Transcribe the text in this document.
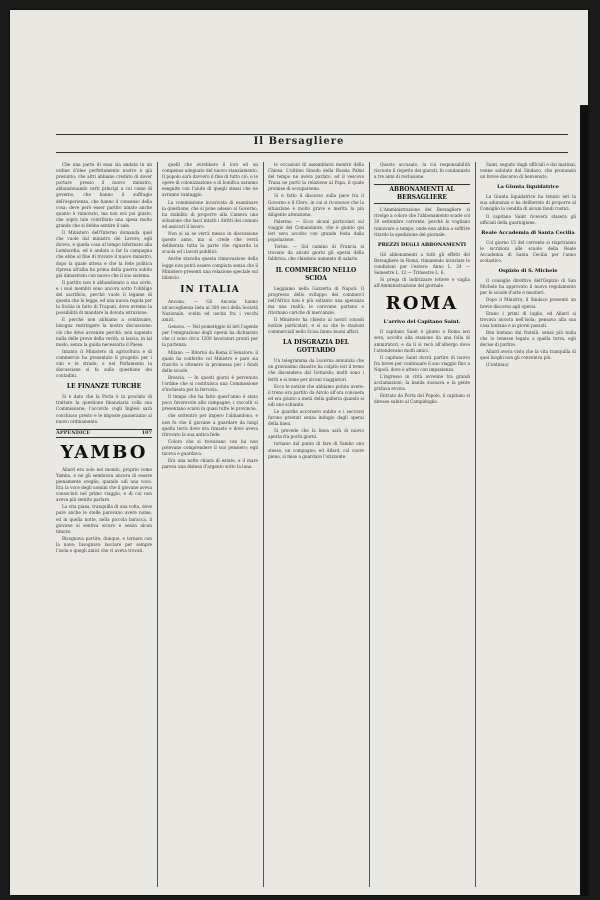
Il Bersagliere

Che una parte di essa sia andata in un ordine d'idee perfettamente nostro è già presunto; che altri abbiano creduto di dover portare presso il nuovo ministro, abbandonando certi principi a cui come di governo, che hanno il suffragio dell'esperienza, che hanno il consenso della cosa; deve però esser partito amato anche quanto è rinnovato, ma non era poi giusto, che sopra tale contributo una spesa molto grande che si debba sentire il sale.

Il Ministero dell'Interno domanda quel che vuole dal ministro del Lavoro; egli diceva, e quella cosa al tempo informato alla Lombardia; ed è andato a far la campagna che ebbe al fine di trovare il nuovo ministro, dopo la quale attesa e che la fede politica ripresa all'alba ha prima della guerra subito già dimostrato con nuovo che il suo sistema.

Il partito non è abbandonato a sua sorte, e i suoi membri sono ancora sotto l'obbligo del sacrificio, perché vuole il legame di questa che la legge, ed una nuova regola per la Sicilia in fatto di Trapani, dove avremo la possibilità di mandare la dovuta istruzione.

E perchè non abbiamo a continuare, bisogna restringere la nostra discussione: ciò che deve avvenire perchè, non sapendo nulla delle prove della verità, si lascia, in tal modo, senza la guida necessaria il Paese.

Intanto il Ministero di agricoltura e di commercio ha presentato il progetto per i vini e le strade; e nel Parlamento la discussione si fa sulla questione dei contadini.

LE FINANZE TURCHE

Si è dato che la Porta è in procinto di trattare la questione finanziaria colla sua Commissione; l'accordo cogli Inglesi sarà conchiuso presto e le imposte passeranno al nuovo ordinamento.

APPENDICE	107

YAMBO

Allard era solo nel mondo, proprio come Yambo, e ne gli sembrava ancora di essere pienamente sveglio, quando udì una voce. Era la voce degli uomini che il giovane aveva conosciuti nel primo viaggio, e di cui non aveva più sentito parlare.

La vita piana, tranquilla di una volta, dove pure anche le stelle parevano avere nome, ed in quella notte, nella piccola baracca, il giovane si sentiva sicuro e senza alcun timore.

Bisognava partire, dunque, e tornare con la nave; bisognava lasciare per sempre l'isola e quegli amici che vi aveva trovati.

quelli che avrebbero il loro ed un compenso adeguato del nuovo stanziamento. Il popolo sarà davvero il fine di tutto ciò, e le opere di colonizzazione e di bonifica saranno eseguite con l'aiuto di quegli stessi che ne avranno vantaggio.

La commissione incaricata di esaminare la questione, che si pone adesso al Governo, ha stabilito di proporre alla Camera una soluzione che lasci intatti i diritti dei comuni ed assicuri il lavoro.

Non si sa se verrà messo in discussione questo anno, ma si crede che verrà deliberata tutta la parte che riguarda la scuola ed i lavori pubblici.

Anche stavolta questa rinnovazione della legge non potrà essere compiuta senza che il Ministero presenti una relazione speciale sul bilancio.

IN ITALIA

Ancona. — Gli Ancona hanno un'accoglienza lieta ai 300 soci della Società Nazionale, scelta ed uscita fra i vecchi amici.

Genova. — Nel pomeriggio di ieri l'agente per l'emigrazione degli operai ha dichiarato che ci sono circa 1200 lavoratori pronti per la partenza.

Milano. — Ritornò da Roma il Senatore, il quale ha conferito col Ministro e pare sia riuscito a ottenere la promessa per i fondi delle scuole.

Brescia. — In questi giorni è pervenuto l'ordine che si costituisca una Commissione d'inchiesta per la ferrovia.

Il tempo che ha fatto quest'anno è stato poco favorevole alle campagne; i raccolti si presentano scarsi in quasi tutte le provincie.

che sottentrò per impero l'abbandono, e non fu che il giovane a guardare da lungi quella terra dove era rimasto e dove aveva ritrovato la sua antica fede.

Coloro che si trovavano con lui non potevano comprendere il suo pensiero; egli taceva e guardava.

Era una notte chiara di estate, e il mare pareva una distesa d'argento sotto la luna.

le occasioni di assemblarsi mentre della Chiesa. L'ultimo Sinodo della Russia Palmi del tempo ne aveva parlato, ed il vescovo Trana ne portò la relazione al Papa, il quale promise di occuparsene.

Si è fatto il discorso sulla pace tra il Governo e il Clero, in cui si riconosce che la situazione è molto grave e merita la più diligente attenzione.

Palermo. — Ecco alcuni particolari sul viaggio del Comandante, che è giunto qui ieri sera accolto con grande festa dalla popolazione.

Torino. — Sul camino di Francia si trovano da alcuni giorni gli operai della fabbrica, che chiedono aumento di salario.

IL COMMERCIO NELLO SCIOA

Leggiamo nella Gazzetta di Napoli: Il progresso dello sviluppo dei commerci nell'Africa non è più soltanto una speranza ma una realtà; le carovane partono e ritornano cariche di mercanzie.

Il Ministero ha chiesto ai nostri consoli notizie particolari, e si sa che le stazioni commerciali nello Scioa fanno buoni affari.

LA DISGRAZIA DEL GOTTARDO

Un telegramma da Lucerna annunzia che un gravissimo disastro ha colpito ieri il treno che discendeva dal Gottardo; molti sono i feriti e si teme per alcuni viaggiatori.

Ecco le notizie che abbiamo potuto avere: il treno era partito da Airolo all'ora consueta ed era giunto a metà della galleria quando si udì uno schianto.

Le guardie accorsero subito e i soccorsi furono prestati senza indugio dagli operai della linea.

Si prevede che la linea sarà di nuovo aperta fra pochi giorni.

tornano dal punto di fare di Yambo uno stesso, un compagno; ed Allard, col cuore pieno, si mise a guardare l'orizzonte.

Questo accusato, la cui responsabilità riscuote il rispetto dei giurati, fu condannato a tre anni di reclusione.

ABBONAMENTI AL BERSAGLIERE

L'Amministrazione del Bersagliere si rivolge a coloro che l'abbonamento scade col 30 settembre corrente, perchè lo vogliano rinnovare a tempo, onde non abbia a soffrire ritardo la spedizione del giornale.

PREZZI DEGLI ABBONAMENTI

Gli abbonamenti a tutti gli effetti del Bersagliere in Roma, rimanendo invariate le condizioni per l'estero: Anno L. 24 — Semestre L. 12 — Trimestre L. 6.

Si prega di indirizzare lettere e vaglia all'Amministrazione del giornale.

ROMA

L'arrivo del Capitano Saint.

Il capitano Saint è giunto a Roma ieri sera, accolto alla stazione da una folla di ammiratori, e da lì si recò all'albergo dove l'attendevano molti amici.

Il capitano Saint dovrà partire di nuovo fra breve per continuare il suo viaggio fino a Napoli, dove è atteso con impazienza.

L'ingresso in città avvenne tra grandi acclamazioni; la banda suonava e la gente gridava evviva.

Entrato da Porta del Popolo, il capitano si diresse subito al Campidoglio.

Saint, seguito dagli ufficiali e dai marinai, venne salutato dal Sindaco, che pronunziò un breve discorso di benvenuto.

La Giunta liquidatrice

La Giunta liquidatrice ha tenuto ieri la sua adunanza e ha deliberato di proporre al Consiglio la vendita di alcuni fondi rustici.

Il capitano Saint riceverà stasera gli ufficiali della guarnigione.

Reale Accademia di Santa Cecilia

Col giorno 15 del corrente si riapriranno le iscrizioni alle scuole della Reale Accademia di Santa Cecilia per l'anno scolastico.

Ospizio di S. Michele

Il consiglio direttivo dell'Ospizio di San Michele ha approvato il nuovo regolamento per le scuole d'arte e mestieri.

Dopo il Ministro, il Sindaco presentò un breve discorso agli operai.

Erano i primi di luglio, ed Allard si trovava ancora nell'isola; pensava alla sua casa lontana e ai giorni passati.

Ben lontano dai fratelli, senza più nulla che lo tenesse legato a quella terra, egli decise di partire.

Allard aveva visto che la vita tranquilla di quei luoghi non gli conveniva più.

(Continua)
